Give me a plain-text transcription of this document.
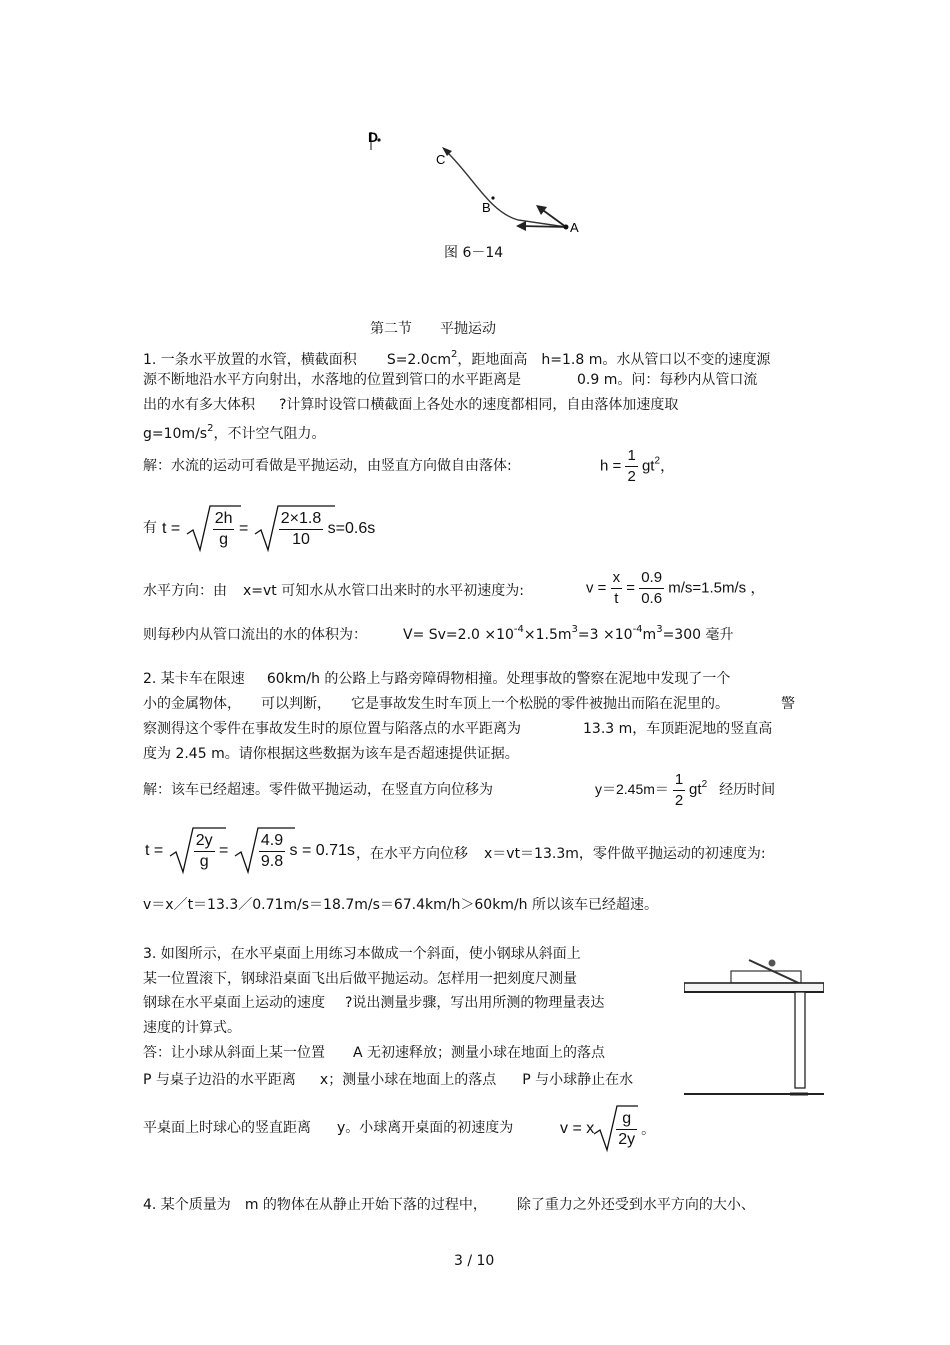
D
C
B
A
图 6－14
第二节　　平抛运动
1. 一条水平放置的水管，横截面积 $S=2.0cm^2$，距地面高 h=1.8 m。水从管口以不变的速度源
源不断地沿水平方向射出，水落地的位置到管口的水平距离是	0.9 m。问：每秒内从管口流
出的水有多大体积 ?计算时设管口横截面上各处水的速度都相同，自由落体加速度取
$g=10m/s^2$，不计空气阻力。
解：水流的运动可看做是平抛运动，由竖直方向做自由落体:	$h = \frac{1}{2} gt^2$，
有 $t = \frac{2h}{g} = \frac{2\times 1.8}{10} s=0.6s$
水平方向：由 x=vt 可知水从水管口出来时的水平初速度为:	$v = \frac{x}{t} = \frac{0.9}{0.6} m/s=1.5m/s$ ，
则每秒内从管口流出的水的体积为：	$V= Sv=2.0 \times 10^{-4}\times 1.5m^3=3 \times 10^{-4}m^3=300$ 毫升
2. 某卡车在限速 60km/h 的公路上与路旁障碍物相撞。处理事故的警察在泥地中发现了一个
小的金属物体， 可以判断， 它是事故发生时车顶上一个松脱的零件被抛出而陷在泥里的。	警
察测得这个零件在事故发生时的原位置与陷落点的水平距离为	13.3 m，车顶距泥地的竖直高
度为 2.45 m。请你根据这些数据为该车是否超速提供证据。
解：该车已经超速。零件做平抛运动，在竖直方向位移为	$y=2.45m= \frac{1}{2} gt^2$ 经历时间
$t = \frac{2y}{g} = \frac{4.9}{9.8}$ s = 0.71s ，在水平方向位移 x＝vt＝13.3m，零件做平抛运动的初速度为:
v＝x／t＝13.3／0.71m/s＝18.7m/s＝67.4km/h＞60km/h 所以该车已经超速。
3. 如图所示，在水平桌面上用练习本做成一个斜面，使小钢球从斜面上
某一位置滚下，钢球沿桌面飞出后做平抛运动。怎样用一把刻度尺测量
钢球在水平桌面上运动的速度 ?说出测量步骤，写出用所测的物理量表达
速度的计算式。
答：让小球从斜面上某一位置 A 无初速释放；测量小球在地面上的落点
P 与桌子边沿的水平距离 x；测量小球在地面上的落点 P 与小球静止在水
平桌面上时球心的竖直距离 y。小球离开桌面的初速度为	v = x $\frac{g}{2y}$ 。
4. 某个质量为 m 的物体在从静止开始下落的过程中， 除了重力之外还受到水平方向的大小、
3 / 10
